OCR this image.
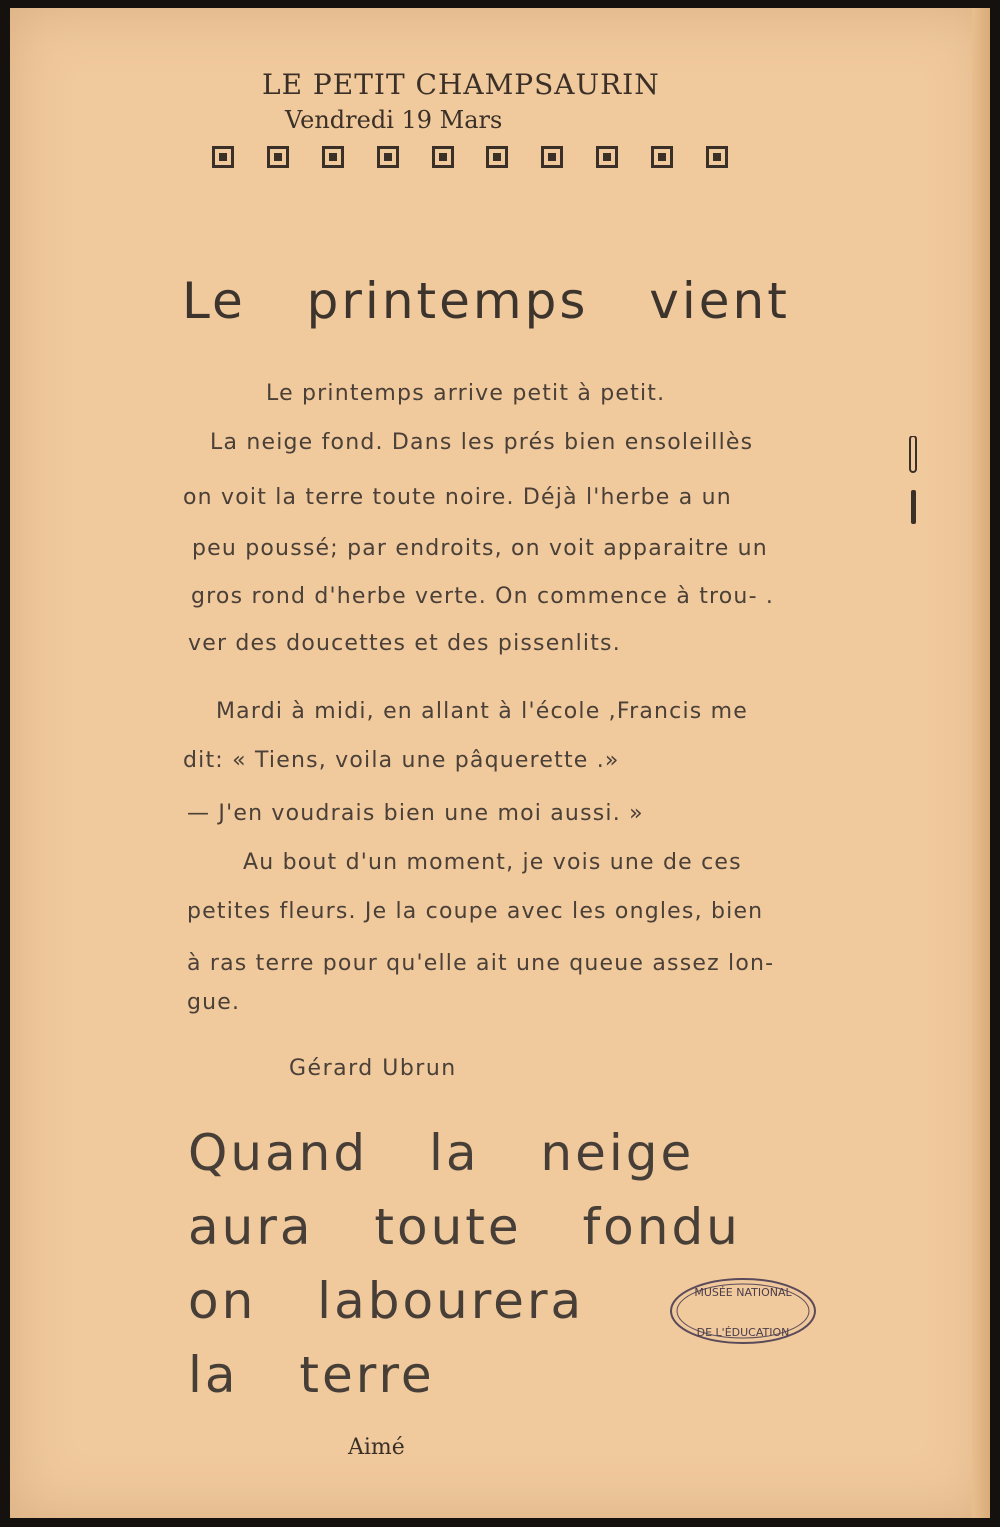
LE PETIT CHAMPSAURIN
Vendredi 19 Mars
Le printemps vient
Le printemps arrive petit à petit.
La neige fond. Dans les prés bien ensoleillès
on voit la terre toute noire. Déjà l'herbe a un
peu poussé; par endroits, on voit apparaitre un
gros rond d'herbe verte. On commence à trou- .
ver des doucettes et des pissenlits.
Mardi à midi, en allant à l'école ,Francis me
dit: « Tiens, voila une pâquerette .»
— J'en voudrais bien une moi aussi. »
Au bout d'un moment, je vois une de ces
petites fleurs. Je la coupe avec les ongles, bien
à ras terre pour qu'elle ait une queue assez lon-
gue.
Gérard Ubrun
Quand la neige
aura toute fondu
on labourera
la terre
Aimé
MUSÉE NATIONAL
DE L'ÉDUCATION
